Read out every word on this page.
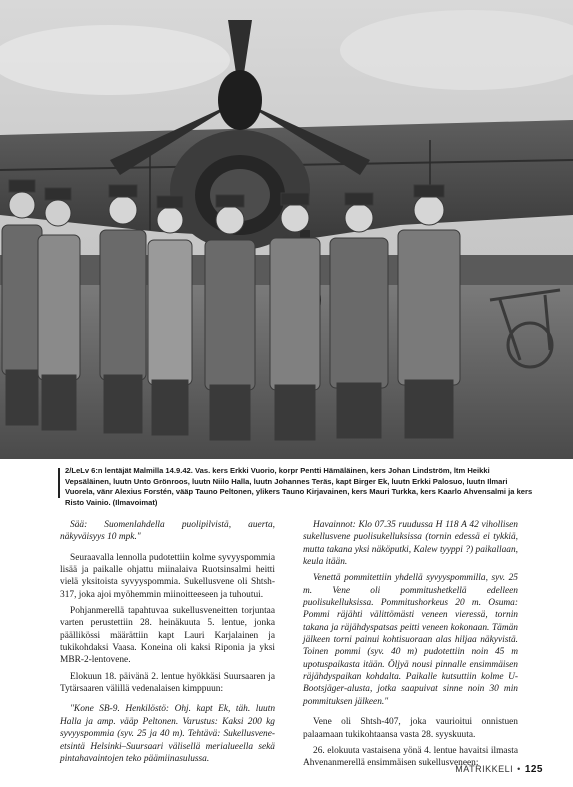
2/LeLv 6:n lentäjät Malmilla 14.9.42. Vas. kers Erkki Vuorio, korpr Pentti Hämäläinen, kers Johan Lindström, ltm Heikki Vepsäläinen, luutn Unto Grönroos, luutn Niilo Halla, luutn Johannes Teräs, kapt Birger Ek, luutn Erkki Palosuo, luutn Ilmari Vuorela, vänr Alexius Forstén, vääp Tauno Peltonen, ylikers Tauno Kirjavainen, kers Mauri Turkka, kers Kaarlo Ahvensalmi ja kers Risto Vainio. (Ilmavoimat)

Sää: Suomenlahdella puolipilvistä, auerta, näkyväisyys 10 mpk."

Seuraavalla lennolla pudotettiin kolme syvyyspommia lisää ja paikalle ohjattu miinalaiva Ruotsinsalmi heitti vielä yksitoista syvyyspommia. Sukellusvene oli Shtsh-317, joka ajoi myöhemmin miinoitteeseen ja tuhoutui.

Pohjanmerellä tapahtuvaa sukellusveneitten torjuntaa varten perustettiin 28. heinäkuuta 5. lentue, jonka päällikössi määrättiin kapt Lauri Karjalainen ja tukikohdaksi Vaasa. Koneina oli kaksi Riponia ja yksi MBR-2-lentovene.

Elokuun 18. päivänä 2. lentue hyökkäsi Suursaaren ja Tytärsaaren välillä vedenalaisen kimppuun:

"Kone SB-9. Henkilöstö: Ohj. kapt Ek, täh. luutn Halla ja amp. vääp Peltonen. Varustus: Kaksi 200 kg syvyyspommia (syv. 25 ja 40 m). Tehtävä: Sukellusvene-etsintä Helsinki–Suursaari välisellä merialueella sekä pintahavaintojen teko päämiinasulussa.

Havainnot: Klo 07.35 ruudussa H 118 A 42 vihollisen sukellusvene puolisukelluksissa (tornin edessä ei tykkiä, mutta takana yksi näköputki, Kalew tyyppi ?) paikallaan, keula itään.

Venettä pommitettiin yhdellä syvyyspommilla, syv. 25 m. Vene oli pommitushetkellä edelleen puolisukelluksissa. Pommitushorkeus 20 m. Osuma: Pommi räjähti välittömästi veneen vieressä, tornin takana ja räjähdyspatsas peitti veneen kokonaan. Tämän jälkeen torni painui kohtisuoraan alas hiljaa näkyvistä. Toinen pommi (syv. 40 m) pudotettiin noin 45 m upotuspaikasta itään. Öljyä nousi pinnalle ensimmäisen räjähdyspaikan kohdalta. Paikalle kutsuttiin kolme U-Bootsjäger-alusta, jotka saapuivat sinne noin 30 min pommituksen jälkeen."

Vene oli Shtsh-407, joka vaurioitui onnistuen palaamaan tukikohtaansa vasta 28. syyskuuta.

26. elokuuta vastaisena yönä 4. lentue havaitsi ilmasta Ahvenanmerellä ensimmäisen sukellusveneen:

MATRIKKELI • 125
